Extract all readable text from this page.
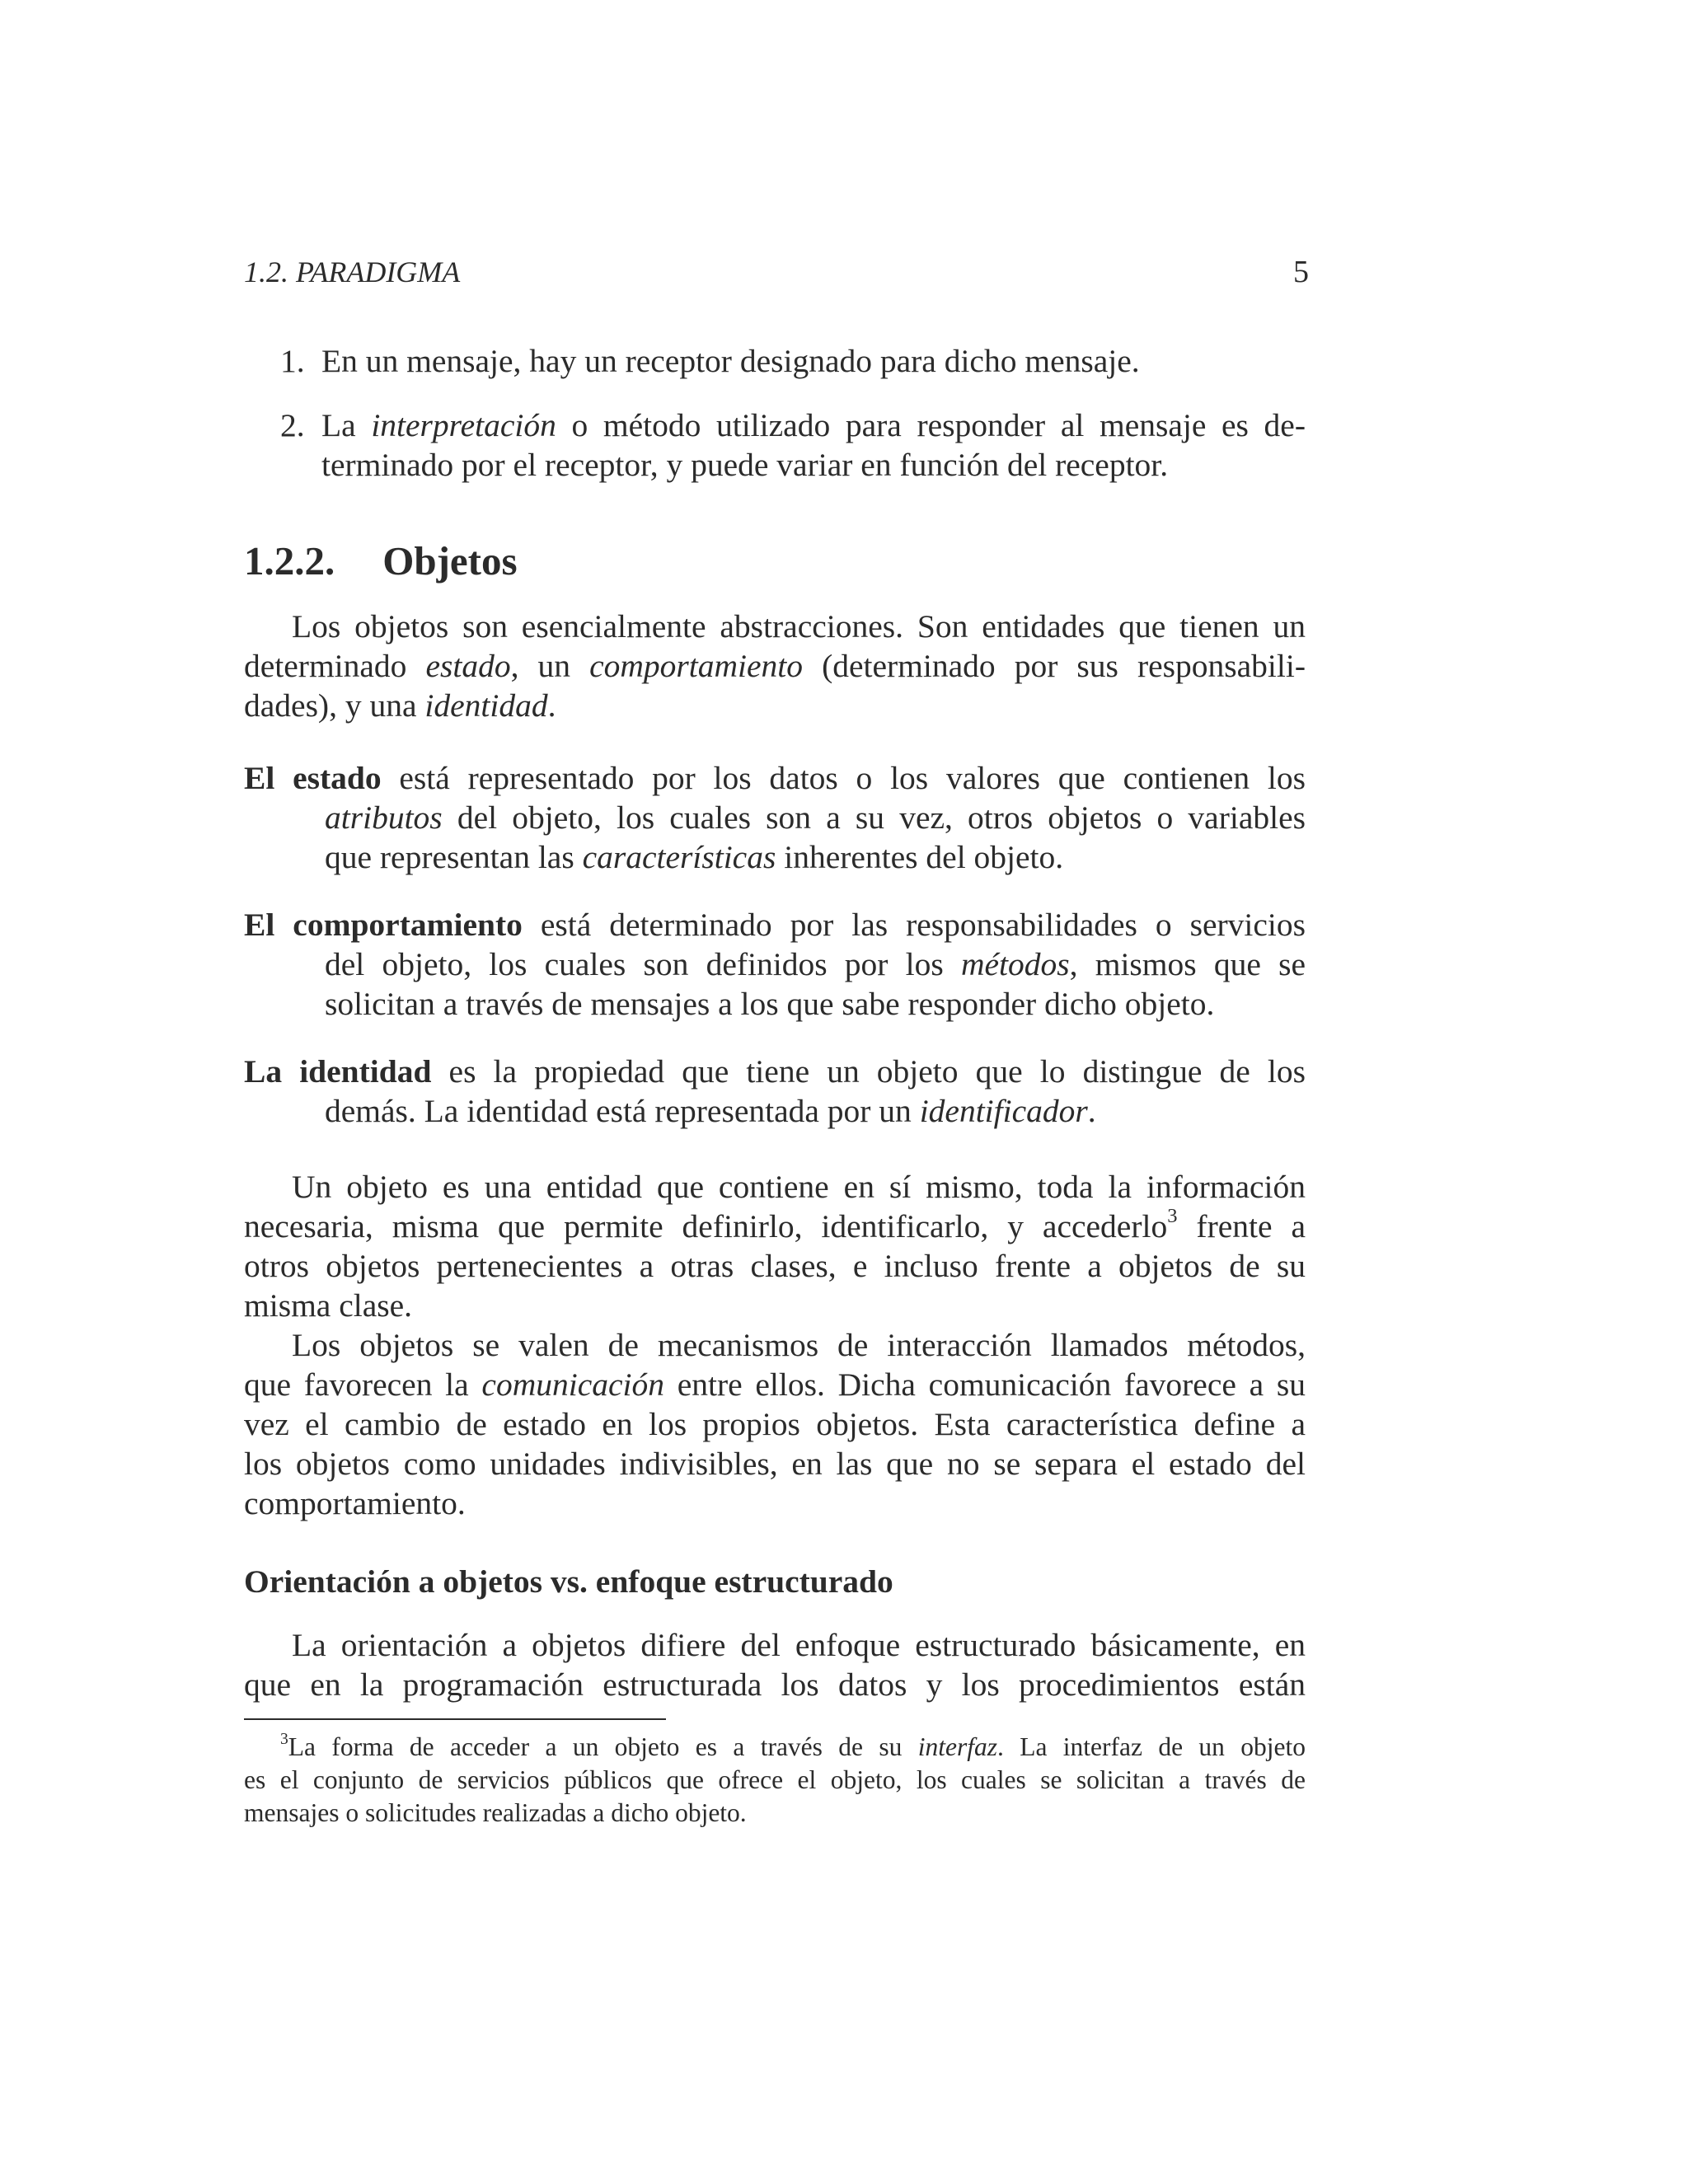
1.2. PARADIGMA	5
1. En un mensaje, hay un receptor designado para dicho mensaje.
2. La interpretación o método utilizado para responder al mensaje es de-
terminado por el receptor, y puede variar en función del receptor.
1.2.2. Objetos
Los objetos son esencialmente abstracciones. Son entidades que tienen un
determinado estado, un comportamiento (determinado por sus responsabili-
dades), y una identidad.
El estado está representado por los datos o los valores que contienen los
atributos del objeto, los cuales son a su vez, otros objetos o variables
que representan las características inherentes del objeto.
El comportamiento está determinado por las responsabilidades o servicios
del objeto, los cuales son definidos por los métodos, mismos que se
solicitan a través de mensajes a los que sabe responder dicho objeto.
La identidad es la propiedad que tiene un objeto que lo distingue de los
demás. La identidad está representada por un identificador.
Un objeto es una entidad que contiene en sí mismo, toda la información
necesaria, misma que permite definirlo, identificarlo, y accederlo$^3$ frente a
otros objetos pertenecientes a otras clases, e incluso frente a objetos de su
misma clase.
Los objetos se valen de mecanismos de interacción llamados métodos,
que favorecen la comunicación entre ellos. Dicha comunicación favorece a su
vez el cambio de estado en los propios objetos. Esta característica define a
los objetos como unidades indivisibles, en las que no se separa el estado del
comportamiento.
Orientación a objetos vs. enfoque estructurado
La orientación a objetos difiere del enfoque estructurado básicamente, en
que en la programación estructurada los datos y los procedimientos están
$^3$La forma de acceder a un objeto es a través de su interfaz. La interfaz de un objeto
es el conjunto de servicios públicos que ofrece el objeto, los cuales se solicitan a través de
mensajes o solicitudes realizadas a dicho objeto.
